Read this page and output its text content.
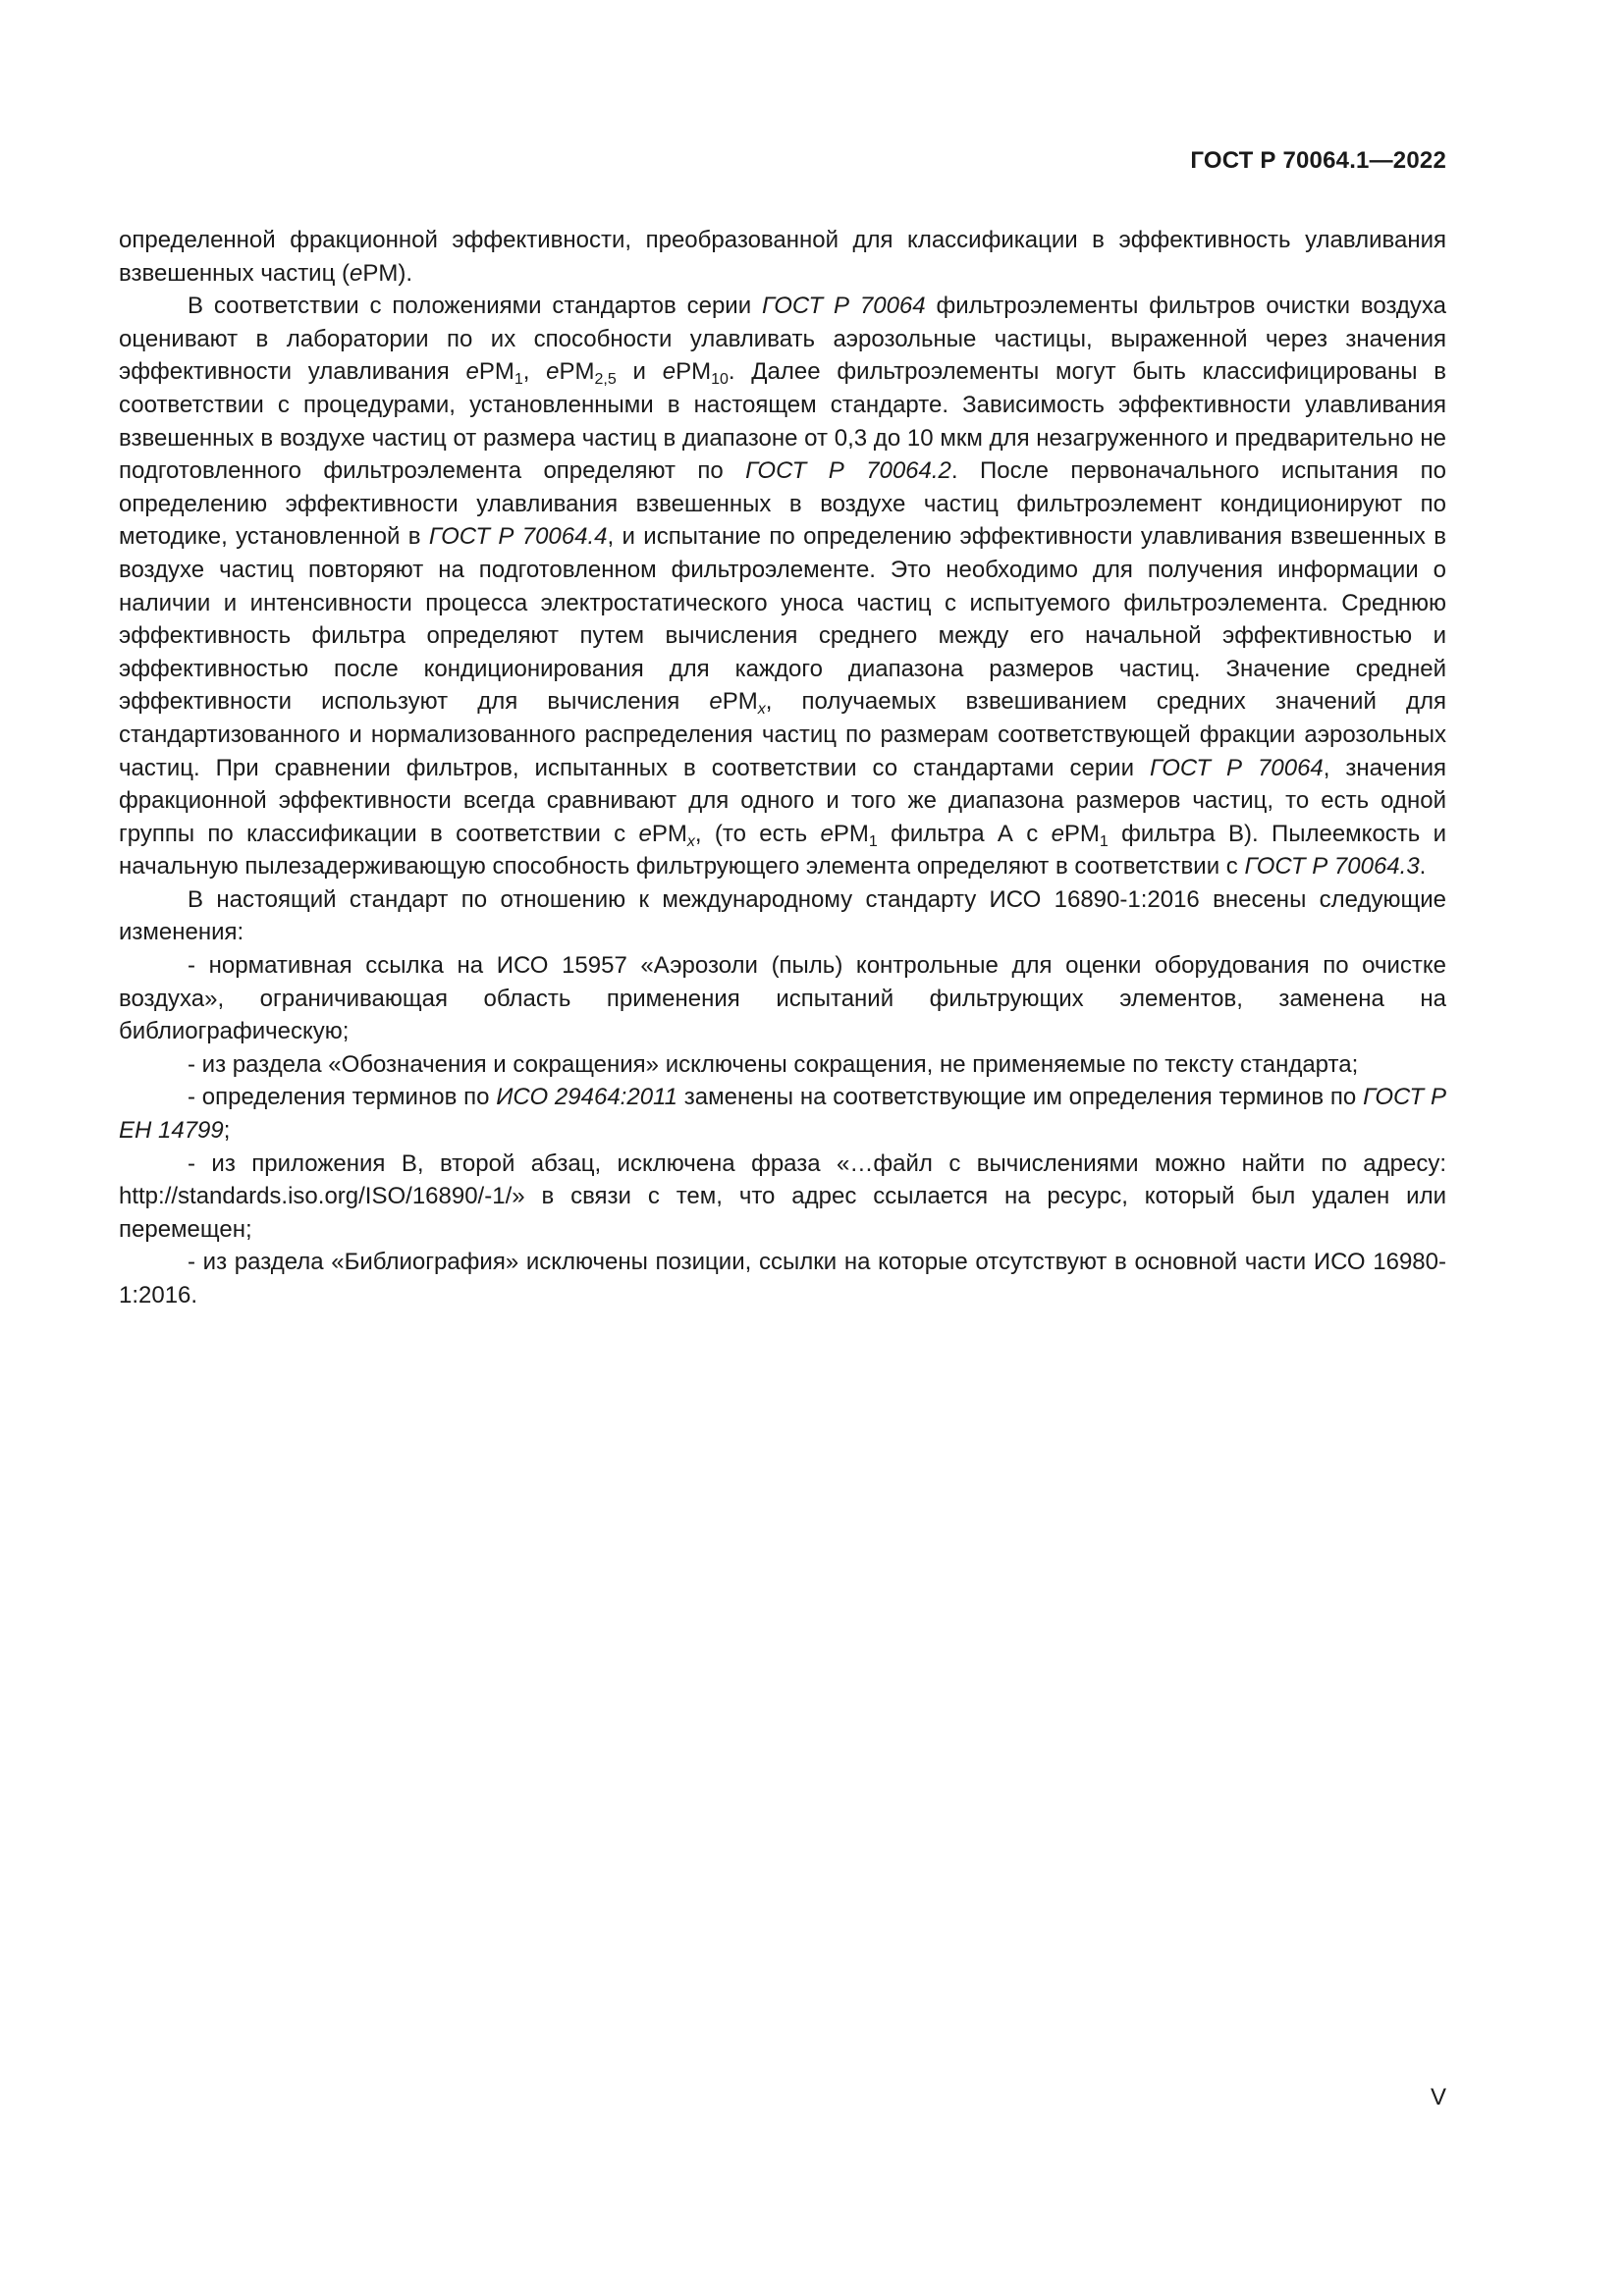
ГОСТ Р 70064.1—2022

определенной фракционной эффективности, преобразованной для классификации в эффективность улавливания взвешенных частиц (ePM).

В соответствии с положениями стандартов серии ГОСТ Р 70064 фильтроэлементы фильтров очистки воздуха оценивают в лаборатории по их способности улавливать аэрозольные частицы, выраженной через значения эффективности улавливания ePM$_1$, ePM$_{2,5}$ и ePM$_{10}$. Далее фильтроэлементы могут быть классифицированы в соответствии с процедурами, установленными в настоящем стандарте. Зависимость эффективности улавливания взвешенных в воздухе частиц от размера частиц в диапазоне от 0,3 до 10 мкм для незагруженного и предварительно не подготовленного фильтроэлемента определяют по ГОСТ Р 70064.2. После первоначального испытания по определению эффективности улавливания взвешенных в воздухе частиц фильтроэлемент кондиционируют по методике, установленной в ГОСТ Р 70064.4, и испытание по определению эффективности улавливания взвешенных в воздухе частиц повторяют на подготовленном фильтроэлементе. Это необходимо для получения информации о наличии и интенсивности процесса электростатического уноса частиц с испытуемого фильтроэлемента. Среднюю эффективность фильтра определяют путем вычисления среднего между его начальной эффективностью и эффективностью после кондиционирования для каждого диапазона размеров частиц. Значение средней эффективности используют для вычисления ePM$_x$, получаемых взвешиванием средних значений для стандартизованного и нормализованного распределения частиц по размерам соответствующей фракции аэрозольных частиц. При сравнении фильтров, испытанных в соответствии со стандартами серии ГОСТ Р 70064, значения фракционной эффективности всегда сравнивают для одного и того же диапазона размеров частиц, то есть одной группы по классификации в соответствии с ePM$_x$, (то есть ePM$_1$ фильтра А с ePM$_1$ фильтра В). Пылеемкость и начальную пылезадерживающую способность фильтрующего элемента определяют в соответствии с ГОСТ Р 70064.3.

В настоящий стандарт по отношению к международному стандарту ИСО 16890-1:2016 внесены следующие изменения:

- нормативная ссылка на ИСО 15957 «Аэрозоли (пыль) контрольные для оценки оборудования по очистке воздуха», ограничивающая область применения испытаний фильтрующих элементов, заменена на библиографическую;

- из раздела «Обозначения и сокращения» исключены сокращения, не применяемые по тексту стандарта;

- определения терминов по ИСО 29464:2011 заменены на соответствующие им определения терминов по ГОСТ Р ЕН 14799;

- из приложения В, второй абзац, исключена фраза «…файл с вычислениями можно найти по адресу: http://standards.iso.org/ISO/16890/-1/» в связи с тем, что адрес ссылается на ресурс, который был удален или перемещен;

- из раздела «Библиография» исключены позиции, ссылки на которые отсутствуют в основной части ИСО 16980-1:2016.

V
